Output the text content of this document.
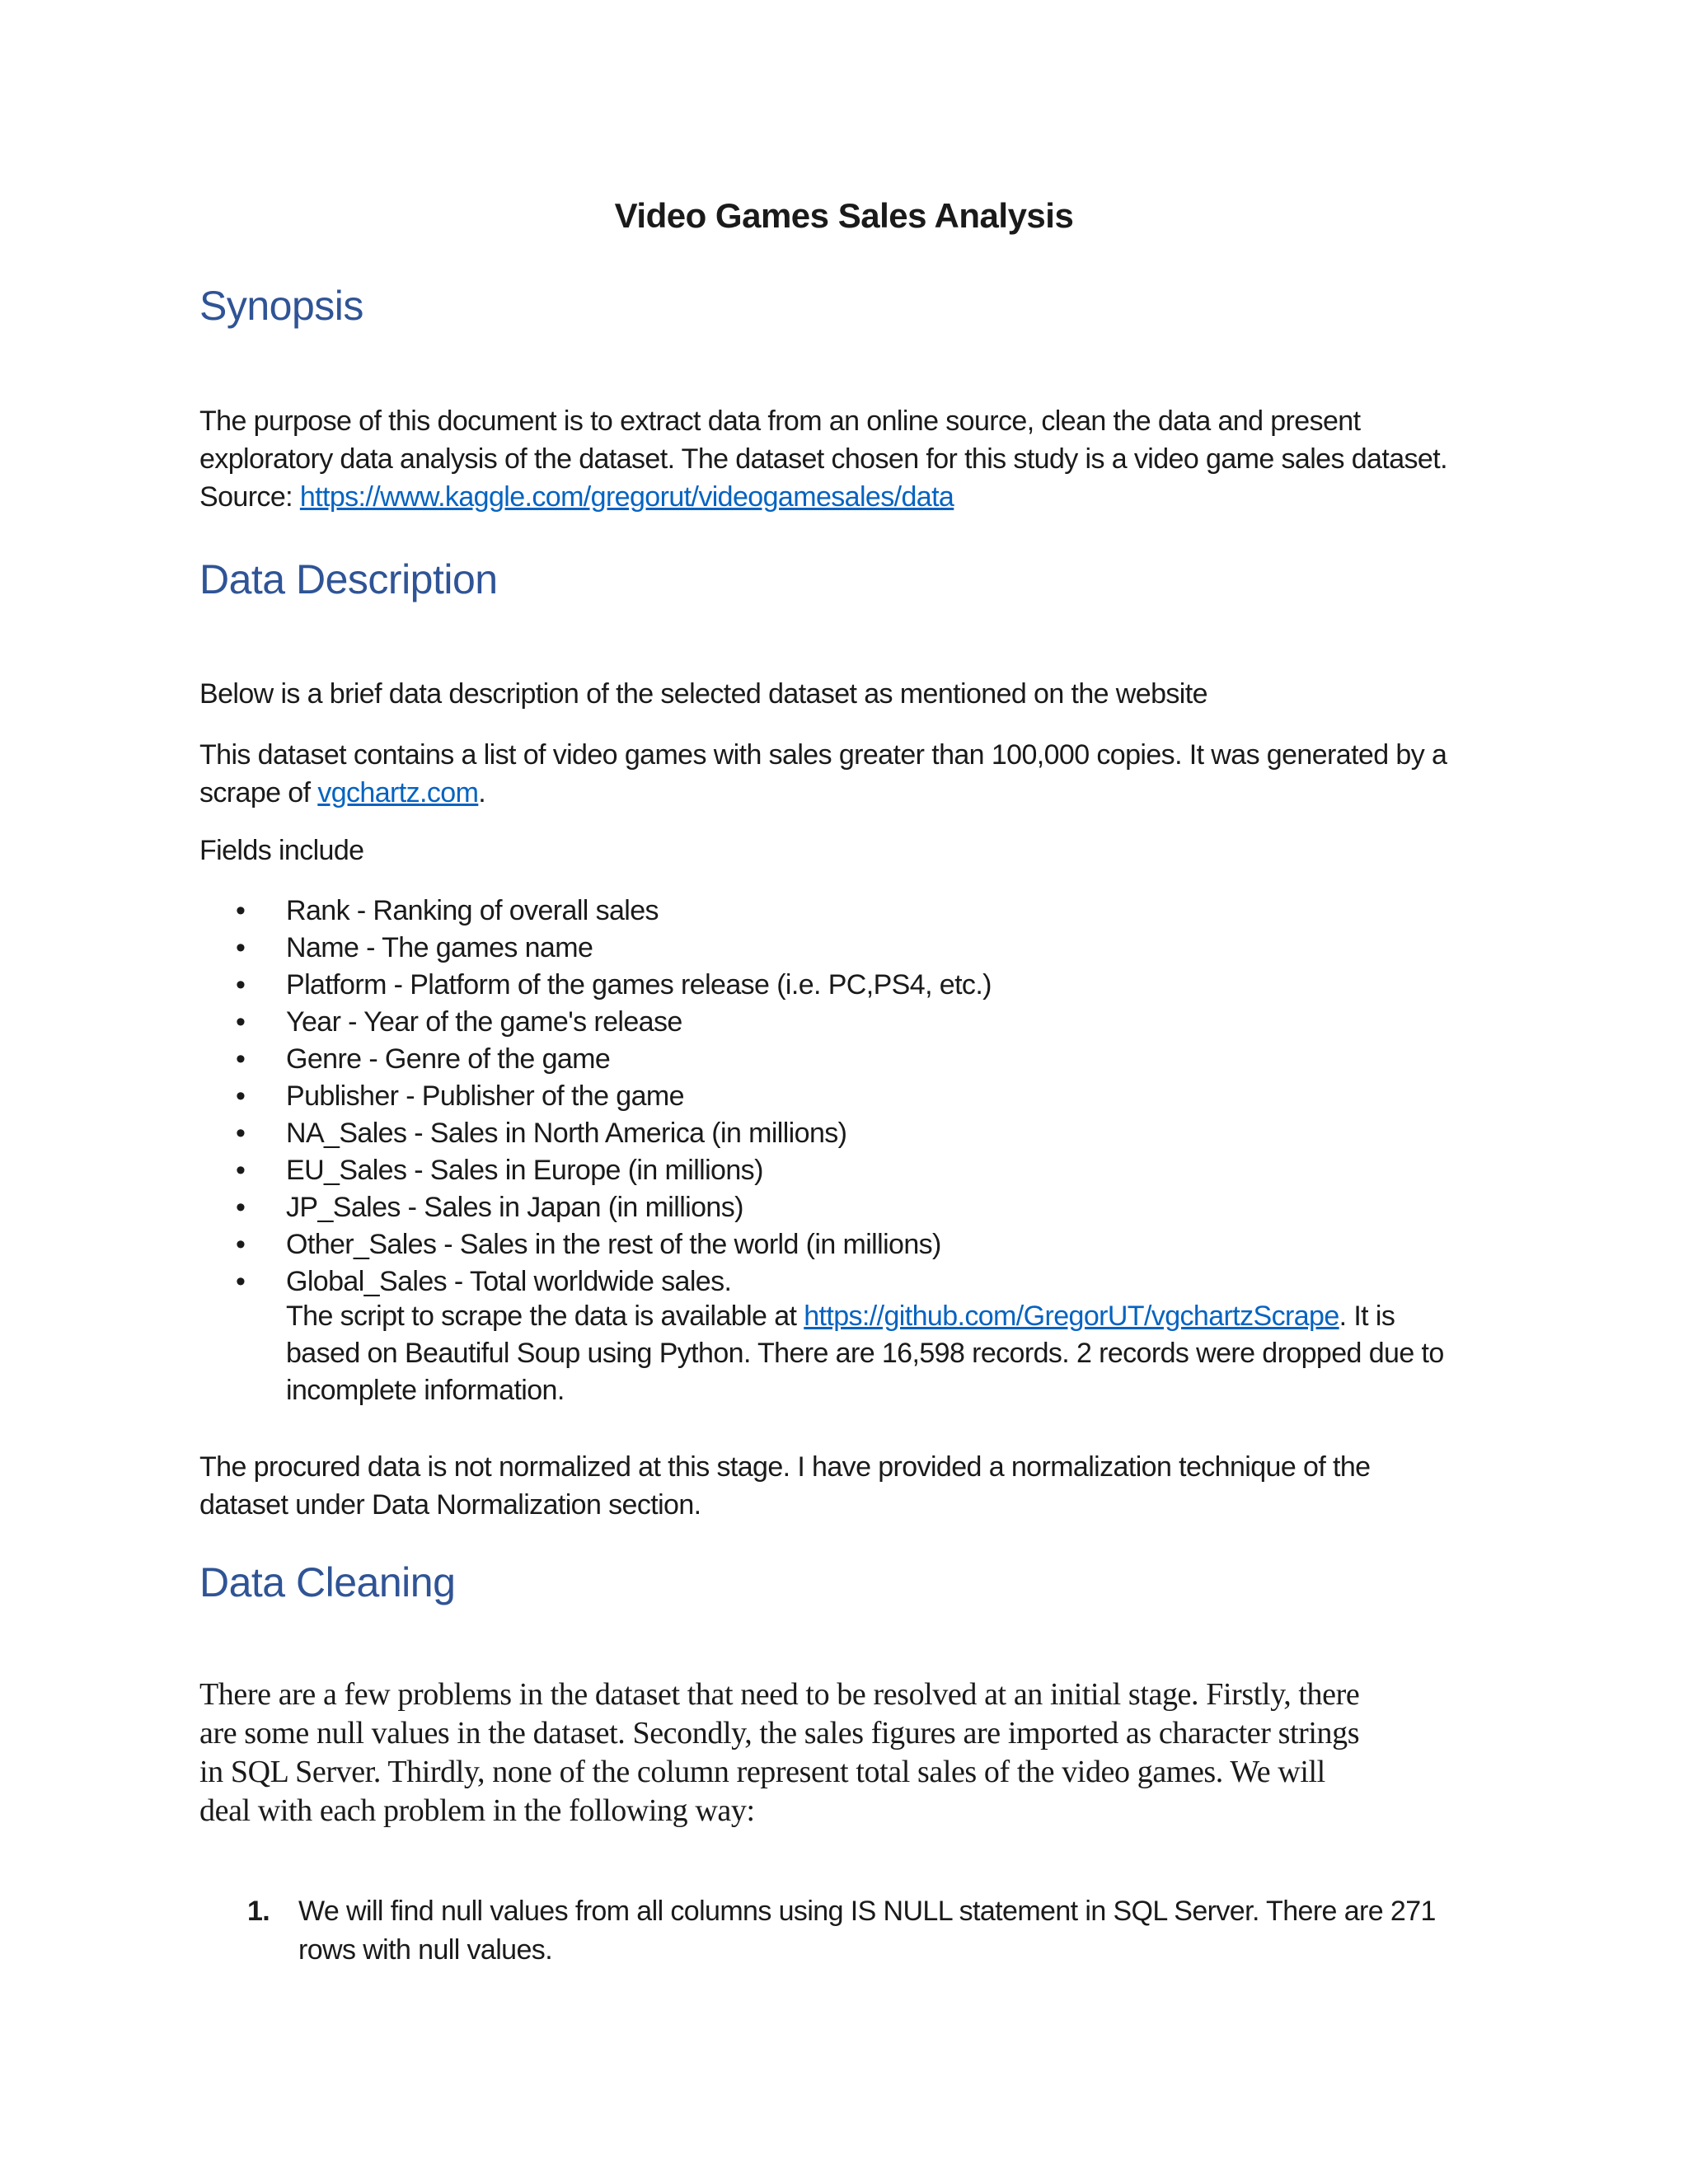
Video Games Sales Analysis
Synopsis
The purpose of this document is to extract data from an online source, clean the data and present
exploratory data analysis of the dataset. The dataset chosen for this study is a video game sales dataset.
Source: https://www.kaggle.com/gregorut/videogamesales/data
Data Description
Below is a brief data description of the selected dataset as mentioned on the website
This dataset contains a list of video games with sales greater than 100,000 copies. It was generated by a
scrape of vgchartz.com.
Fields include
• Rank - Ranking of overall sales
• Name - The games name
• Platform - Platform of the games release (i.e. PC,PS4, etc.)
• Year - Year of the game's release
• Genre - Genre of the game
• Publisher - Publisher of the game
• NA_Sales - Sales in North America (in millions)
• EU_Sales - Sales in Europe (in millions)
• JP_Sales - Sales in Japan (in millions)
• Other_Sales - Sales in the rest of the world (in millions)
• Global_Sales - Total worldwide sales.
The script to scrape the data is available at https://github.com/GregorUT/vgchartzScrape. It is
based on Beautiful Soup using Python. There are 16,598 records. 2 records were dropped due to
incomplete information.
The procured data is not normalized at this stage. I have provided a normalization technique of the
dataset under Data Normalization section.
Data Cleaning
There are a few problems in the dataset that need to be resolved at an initial stage. Firstly, there
are some null values in the dataset. Secondly, the sales figures are imported as character strings
in SQL Server. Thirdly, none of the column represent total sales of the video games. We will
deal with each problem in the following way:
1. We will find null values from all columns using IS NULL statement in SQL Server. There are 271
rows with null values.
